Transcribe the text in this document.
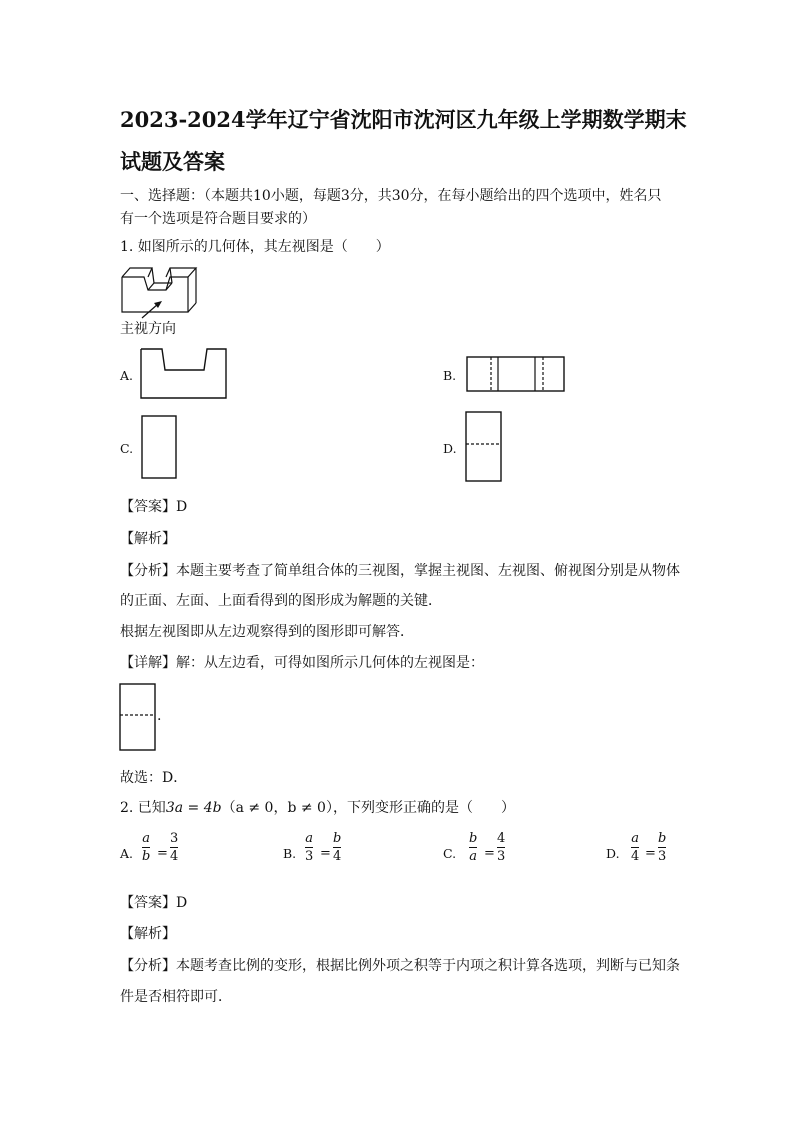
2023-2024学年辽宁省沈阳市沈河区九年级上学期数学期末
试题及答案
一、选择题：（本题共10小题，每题3分，共30分，在每小题给出的四个选项中，姓名只
有一个选项是符合题目要求的）
1. 如图所示的几何体，其左视图是（　　）
主视方向
A.	B.
C.	D.
【答案】D
【解析】
【分析】本题主要考查了简单组合体的三视图，掌握主视图、左视图、俯视图分别是从物体
的正面、左面、上面看得到的图形成为解题的关键．
根据左视图即从左边观察得到的图形即可解答．
【详解】解：从左边看，可得如图所示几何体的左视图是：
.
故选：D．
2. 已知3a = 4b（a ≠ 0，b ≠ 0），下列变形正确的是（　　）
A.
a
b =
3
4	B.
a
3 =
b
4	C.
b
a =
4
3	D.
a
4 =
b
3
【答案】D
【解析】
【分析】本题考查比例的变形，根据比例外项之积等于内项之积计算各选项，判断与已知条
件是否相符即可．
